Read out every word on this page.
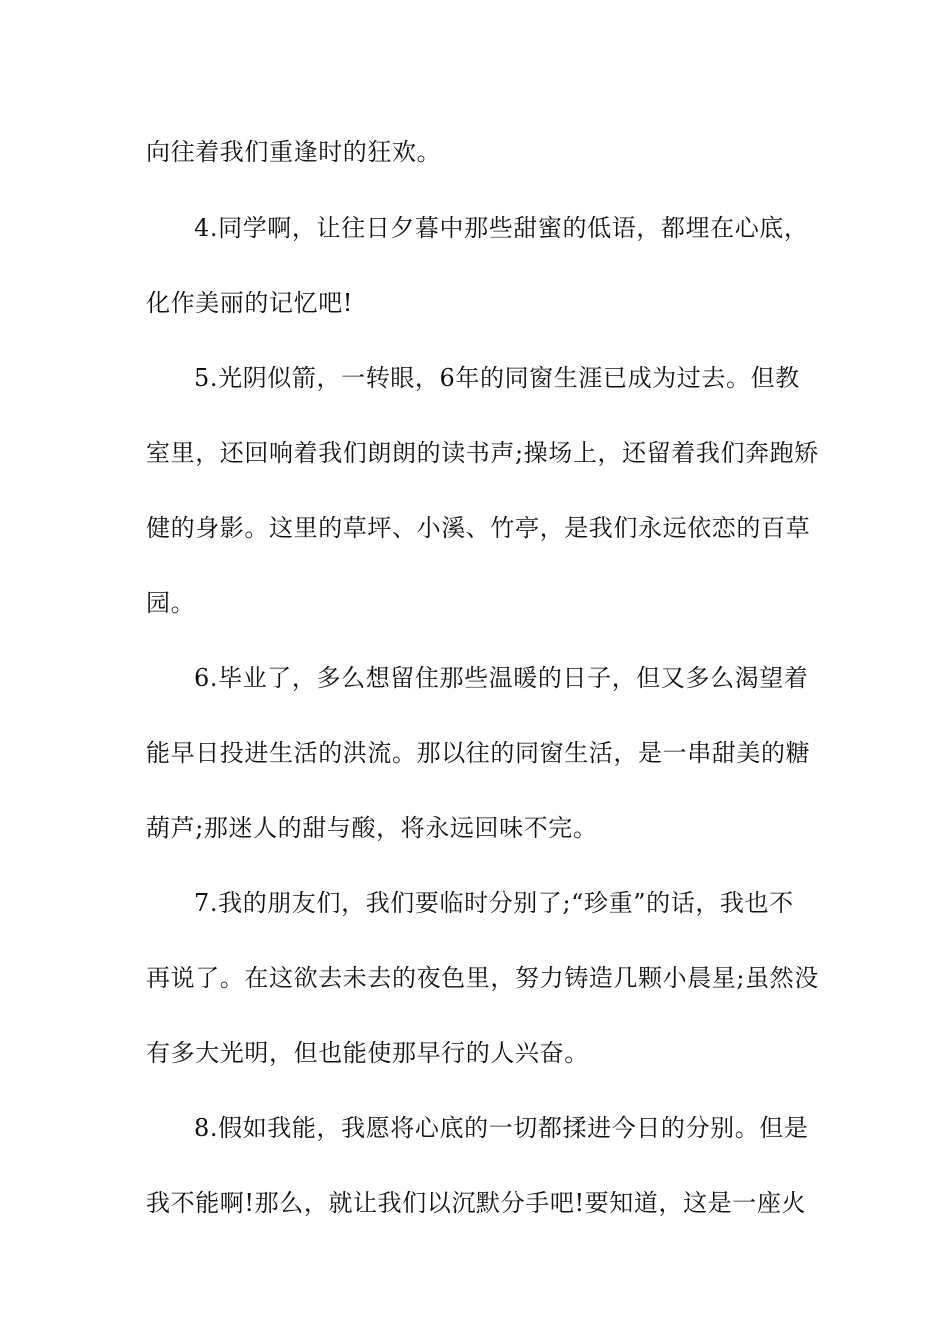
向往着我们重逢时的狂欢。
4.同学啊，让往日夕暮中那些甜蜜的低语，都埋在心底，
化作美丽的记忆吧!
5.光阴似箭，一转眼，6年的同窗生涯已成为过去。但教
室里，还回响着我们朗朗的读书声;操场上，还留着我们奔跑矫
健的身影。这里的草坪、小溪、竹亭，是我们永远依恋的百草
园。
6.毕业了，多么想留住那些温暖的日子，但又多么渴望着
能早日投进生活的洪流。那以往的同窗生活，是一串甜美的糖
葫芦;那迷人的甜与酸，将永远回味不完。
7.我的朋友们，我们要临时分别了;“珍重”的话，我也不
再说了。在这欲去未去的夜色里，努力铸造几颗小晨星;虽然没
有多大光明，但也能使那早行的人兴奋。
8.假如我能，我愿将心底的一切都揉进今日的分别。但是
我不能啊!那么，就让我们以沉默分手吧!要知道，这是一座火
